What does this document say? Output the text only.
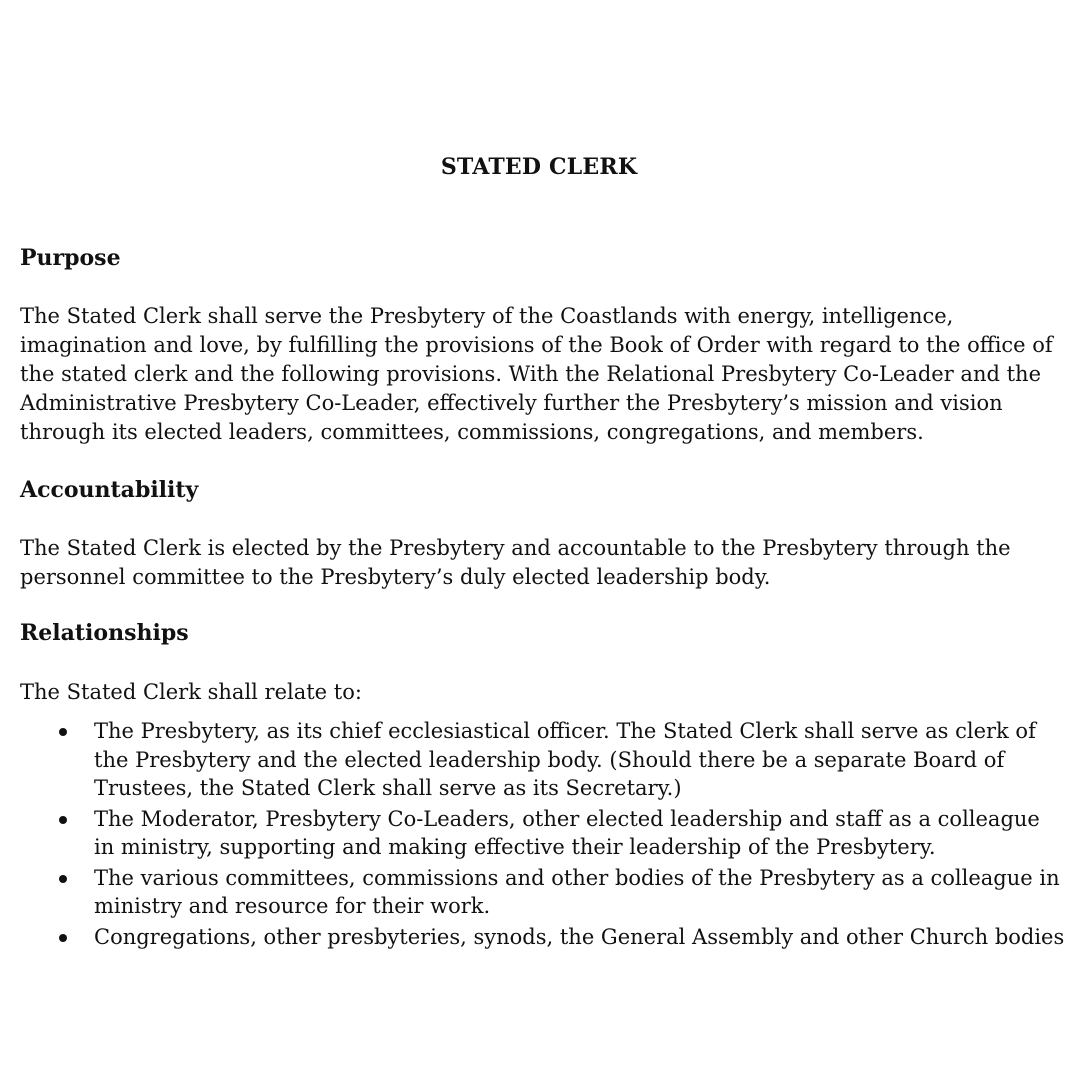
STATED CLERK
Purpose
The Stated Clerk shall serve the Presbytery of the Coastlands with energy, intelligence, imagination and love, by fulfilling the provisions of the Book of Order with regard to the office of the stated clerk and the following provisions. With the Relational Presbytery Co-Leader and the Administrative Presbytery Co-Leader, effectively further the Presbytery’s mission and vision through its elected leaders, committees, commissions, congregations, and members.
Accountability
The Stated Clerk is elected by the Presbytery and accountable to the Presbytery through the personnel committee to the Presbytery’s duly elected leadership body.
Relationships
The Stated Clerk shall relate to:
The Presbytery, as its chief ecclesiastical officer. The Stated Clerk shall serve as clerk of the Presbytery and the elected leadership body. (Should there be a separate Board of Trustees, the Stated Clerk shall serve as its Secretary.)
The Moderator, Presbytery Co-Leaders, other elected leadership and staff as a colleague in ministry, supporting and making effective their leadership of the Presbytery.
The various committees, commissions and other bodies of the Presbytery as a colleague in ministry and resource for their work.
Congregations, other presbyteries, synods, the General Assembly and other Church bodies
